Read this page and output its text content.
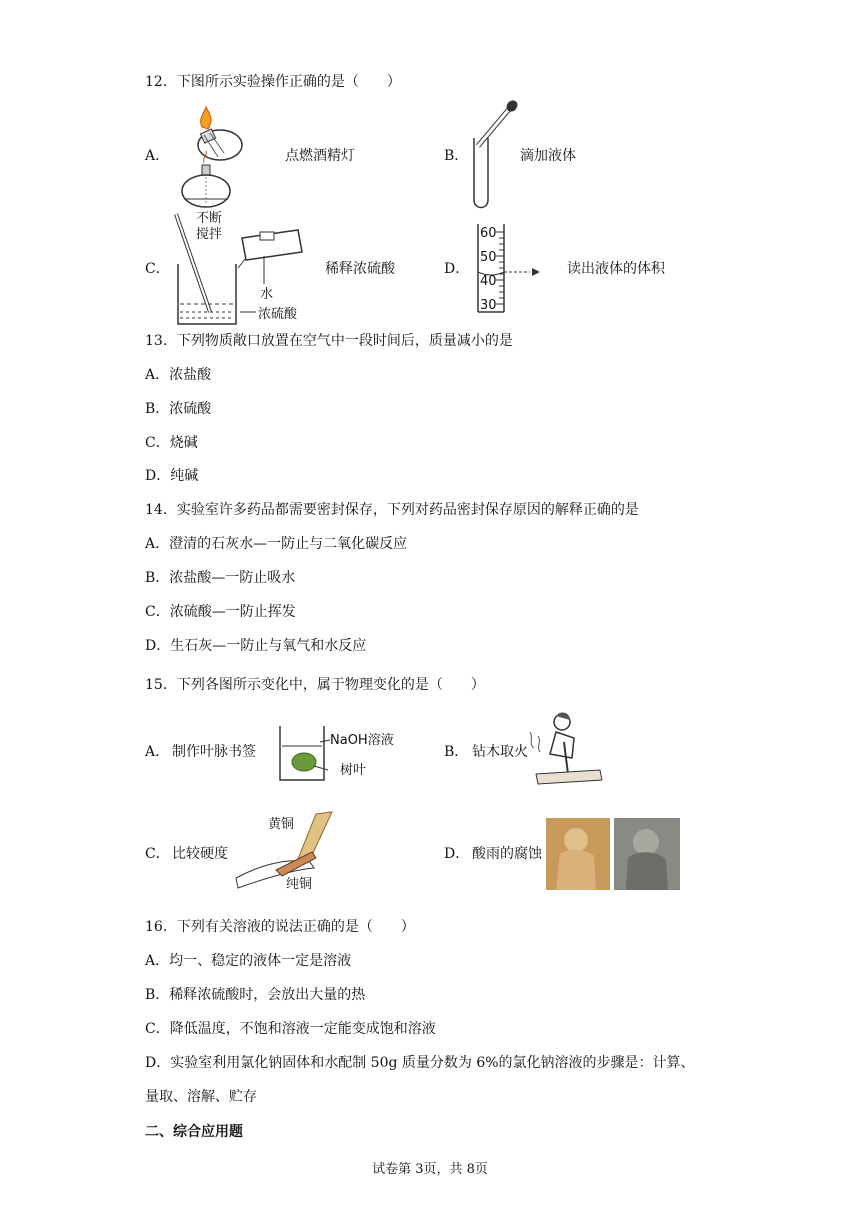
12．下图所示实验操作正确的是（　　）
A．	点燃酒精灯	B．	滴加液体
C．
不断
搅拌
水
浓硫酸
稀释浓硫酸	D．
60
50
40
30
读出液体的体积
13．下列物质敞口放置在空气中一段时间后，质量减小的是
A．浓盐酸
B．浓硫酸
C．烧碱
D．纯碱
14．实验室许多药品都需要密封保存，下列对药品密封保存原因的解释正确的是
A．澄清的石灰水—一防止与二氧化碳反应
B．浓盐酸—一防止吸水
C．浓硫酸—一防止挥发
D．生石灰—一防止与氧气和水反应
15．下列各图所示变化中，属于物理变化的是（　　）
A． 制作叶脉书签
NaOH溶液
树叶
B． 钻木取火
C． 比较硬度
黄铜
纯铜
D． 酸雨的腐蚀
16．下列有关溶液的说法正确的是（　　）
A．均一、稳定的液体一定是溶液
B．稀释浓硫酸时，会放出大量的热
C．降低温度，不饱和溶液一定能变成饱和溶液
D．实验室利用氯化钠固体和水配制 50g 质量分数为 6%的氯化钠溶液的步骤是：计算、
量取、溶解、贮存
二、综合应用题
试卷第 3页，共 8页
